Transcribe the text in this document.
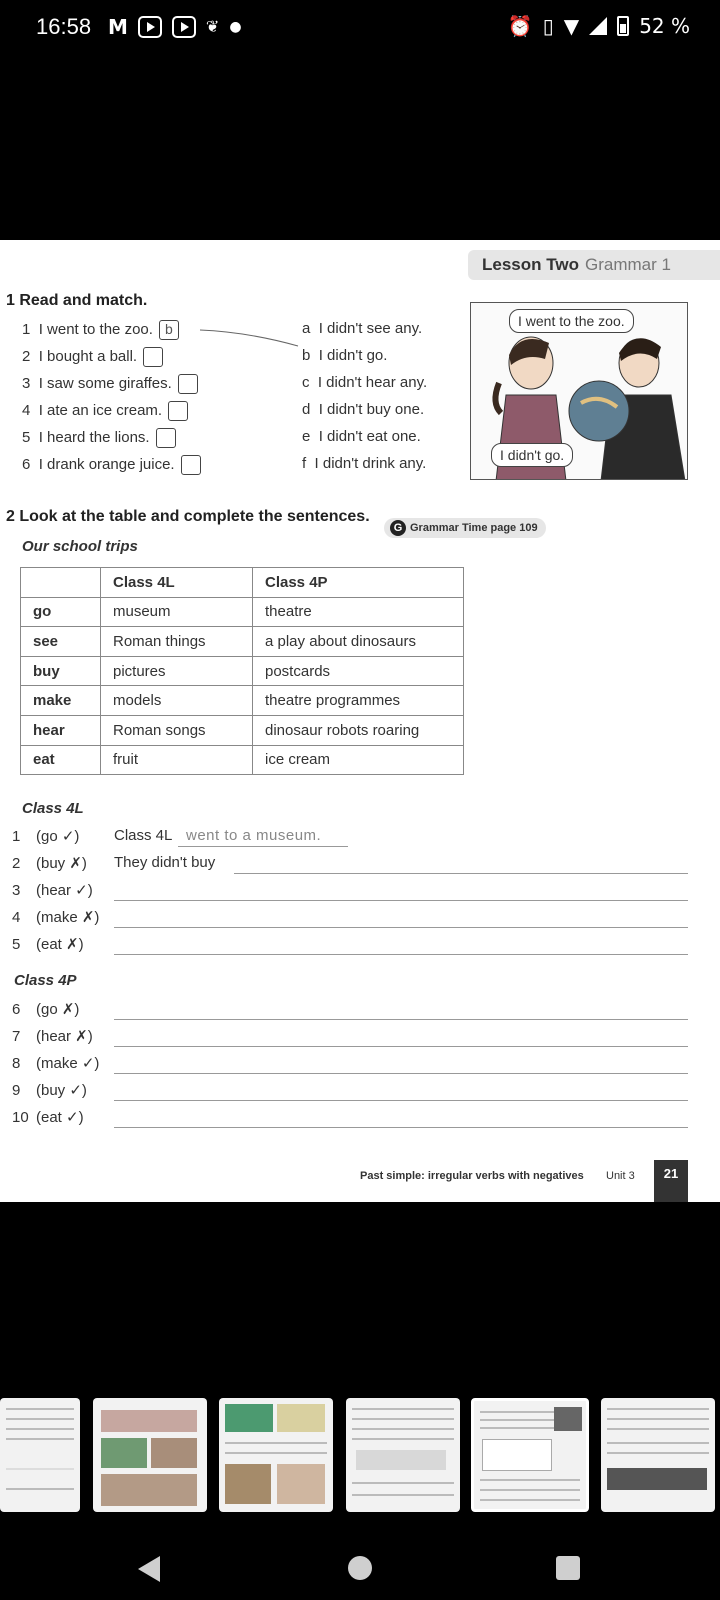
16:58 M	❦ ●	⏰ ▯ ▼	52 %
Lesson Two Grammar 1
1 Read and match.
1 I went to the zoo. b
2 I bought a ball.
3 I saw some giraffes.
4 I ate an ice cream.
5 I heard the lions.
6 I drank orange juice.
a I didn't see any.
b I didn't go.
c I didn't hear any.
d I didn't buy one.
e I didn't eat one.
f I didn't drink any.
I went to the zoo.
I didn't go.
2 Look at the table and complete the sentences.
G Grammar Time page 109
Our school trips
	Class 4L	Class 4P
go	museum	theatre
see	Roman things	a play about dinosaurs
buy	pictures	postcards
make	models	theatre programmes
hear	Roman songs	dinosaur robots roaring
eat	fruit	ice cream
Class 4L
1 (go ✓) Class 4L went to a museum.
2 (buy ✗) They didn't buy
3 (hear ✓)
4 (make ✗)
5 (eat ✗)
Class 4P
6 (go ✗)
7 (hear ✗)
8 (make ✓)
9 (buy ✓)
10 (eat ✓)
Past simple: irregular verbs with negatives Unit 3	21
